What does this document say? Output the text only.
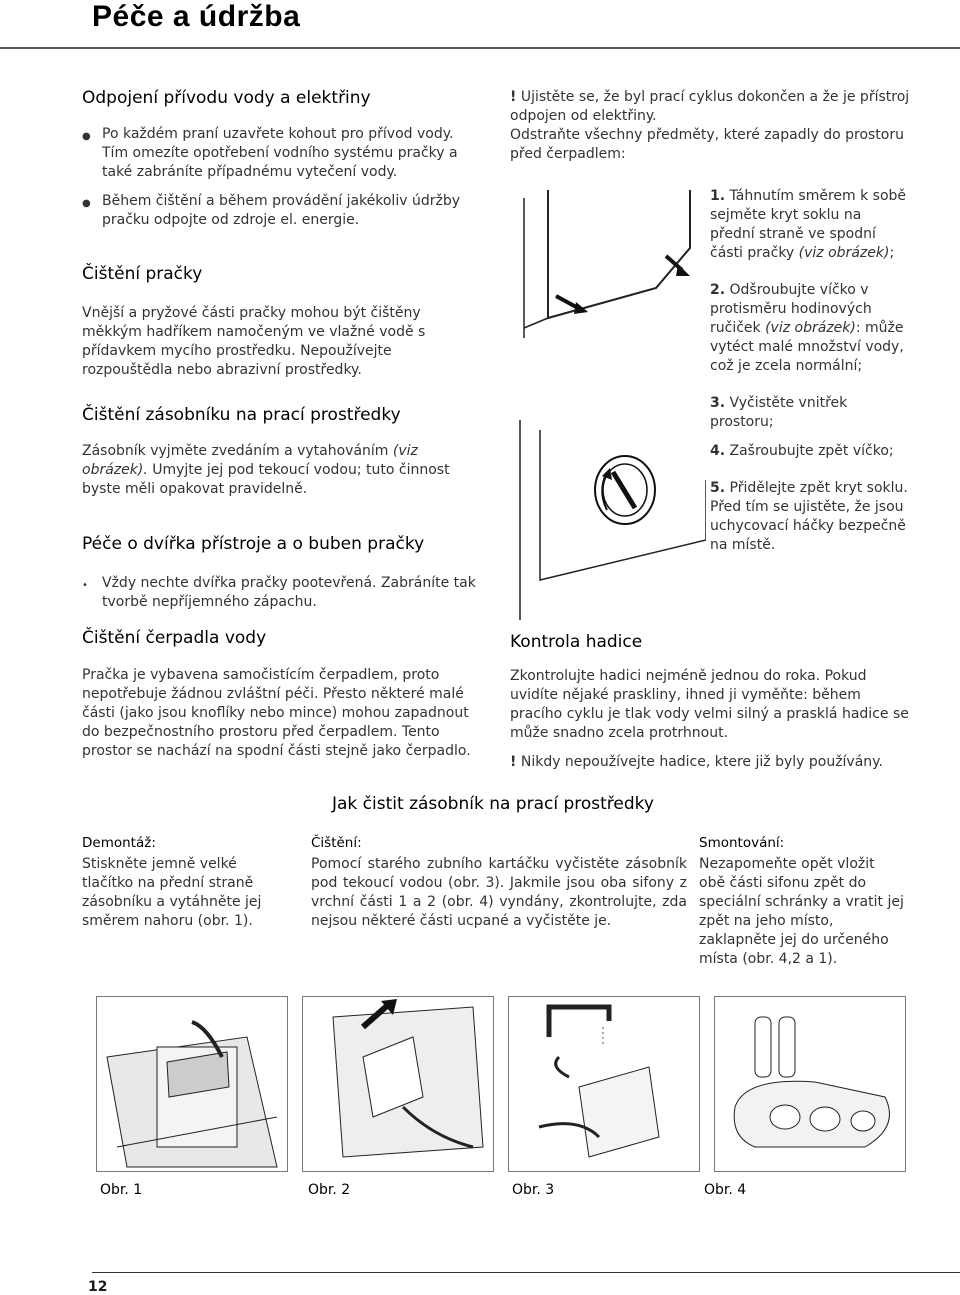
Péče a údržba
Odpojení přívodu vody a elektřiny
● Po každém praní uzavřete kohout pro přívod vody. Tím omezíte opotřebení vodního systému pračky a také zabráníte případnému vytečení vody.
● Během čištění a během provádění jakékoliv údržby pračku odpojte od zdroje el. energie.
Čištění pračky

Vnější a pryžové části pračky mohou být čištěny měkkým hadříkem namočeným ve vlažné vodě s přídavkem mycího prostředku. Nepoužívejte rozpouštědla nebo abrazivní prostředky.

Čištění zásobníku na prací prostředky

Zásobník vyjměte zvedáním a vytahováním (viz obrázek). Umyjte jej pod tekoucí vodou; tuto činnost byste měli opakovat pravidelně.

Péče o dvířka přístroje a o buben pračky
•	Vždy nechte dvířka pračky pootevřená. Zabráníte tak tvorbě nepříjemného zápachu.
Čištění čerpadla vody

Pračka je vybavena samočistícím čerpadlem, proto nepotřebuje žádnou zvláštní péči. Přesto některé malé části (jako jsou knoflíky nebo mince) mohou zapadnout do bezpečnostního prostoru před čerpadlem. Tento prostor se nachází na spodní části stejně jako čerpadlo.

! Ujistěte se, že byl prací cyklus dokončen a že je přístroj odpojen od elektřiny.
Odstraňte všechny předměty, které zapadly do prostoru před čerpadlem:
1. Táhnutím směrem k sobě sejměte kryt soklu na přední straně ve spodní části pračky (viz obrázek);
2. Odšroubujte víčko v protisměru hodinových ručiček (viz obrázek): může vytéct malé množství vody, což je zcela normální;
3. Vyčistěte vnitřek prostoru;
4. Zašroubujte zpět víčko;
5. Přidělejte zpět kryt soklu. Před tím se ujistěte, že jsou uchycovací háčky bezpečně na místě.
Kontrola hadice

Zkontrolujte hadici nejméně jednou do roka. Pokud uvidíte nějaké praskliny, ihned ji vyměňte: během pracího cyklu je tlak vody velmi silný a prasklá hadice se může snadno zcela protrhnout.

! Nikdy nepoužívejte hadice, ktere již byly používány.

Jak čistit zásobník na prací prostředky

Demontáž:

Stiskněte jemně velké tlačítko na přední straně zásobníku a vytáhněte jej směrem nahoru (obr. 1).

Čištění:

Pomocí starého zubního kartáčku vyčistěte zásobník pod tekoucí vodou (obr. 3). Jakmile jsou oba sifony z vrchní části 1 a 2 (obr. 4) vyndány, zkontrolujte, zda nejsou některé části ucpané a vyčistěte je.

Smontování:

Nezapomeňte opět vložit obě části sifonu zpět do speciální schránky a vratit jej zpět na jeho místo, zaklapněte jej do určeného místa (obr. 4,2 a 1).

Obr. 1	Obr. 2	Obr. 3	Obr. 4
12
